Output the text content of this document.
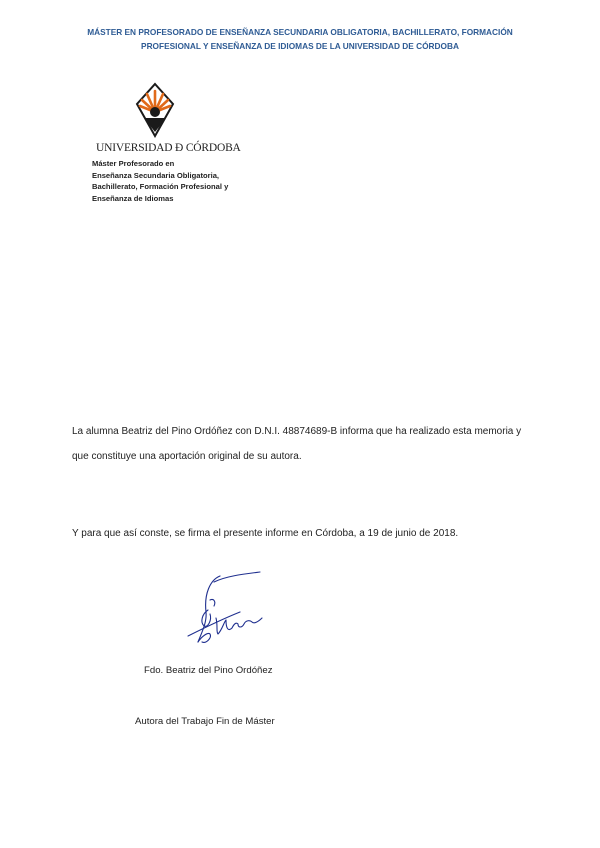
MÁSTER EN PROFESORADO DE ENSEÑANZA SECUNDARIA OBLIGATORIA, BACHILLERATO, FORMACIÓN
PROFESIONAL Y ENSEÑANZA DE IDIOMAS DE LA UNIVERSIDAD DE CÓRDOBA
UNIVERSIDAD Ð CÓRDOBA
Máster Profesorado en
Enseñanza Secundaria Obligatoria,
Bachillerato, Formación Profesional y
Enseñanza de Idiomas
La alumna Beatriz del Pino Ordóñez con D.N.I. 48874689-B informa que ha realizado esta memoria y que constituye una aportación original de su autora.
Y para que así conste, se firma el presente informe en Córdoba, a 19 de junio de 2018.
Fdo. Beatriz del Pino Ordóñez
Autora del Trabajo Fin de Máster
